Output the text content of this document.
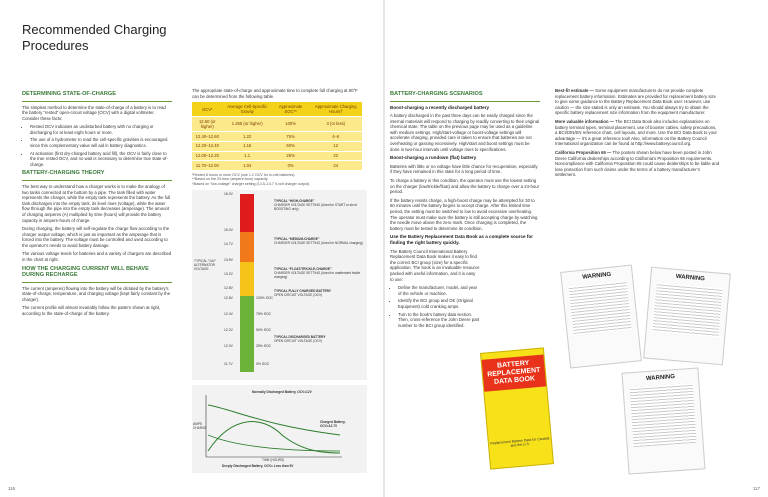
Recommended Charging Procedures
DETERMINING STATE-OF-CHARGE

The simplest method to determine the state-of-charge of a battery is to read the battery “rested” open-circuit voltage (OCV) with a digital voltmeter. Consider these facts:

• Rested OCV indicates an undisturbed battery with no charging or discharging for at least eight hours or more.
• The use of a hydrometer to read the cell-specific gravities is encouraged since this complementary value will aid in battery diagnostics.
• At activation (first dry-charged battery acid fill), the OCV is fairly close to the true rested OCV, and no wait is necessary to determine true state-of-charge.
BATTERY-CHARGING THEORY

The best way to understand how a charger works is to make the analogy of two tanks connected at the bottom by a pipe. The tank filled with water represents the charger, while the empty tank represents the battery. As the full tank discharges into the empty tank, its level rises (voltage), while the water flow through the pipe into the empty tank decreases (amperage). The amount of charging amperes (A) multiplied by time (hours) will provide the battery capacity in ampere-hours of charge.

During charging, the battery will self-regulate the charge flow according to the charger output voltage, which is just as important as the amperage that is forced into the battery. The voltage must be controlled and used according to the operator’s needs to avoid battery damage.

The various voltage levels for batteries and a variety of chargers are described in the chart at right.

HOW THE CHARGING CURRENT WILL BEHAVE DURING RECHARGE

The current (amperes) flowing into the battery will be dictated by the battery’s state-of-charge, temperature, and charging voltage (kept fairly constant by the charger).

The current profile will almost invariably follow the pattern shown at right, according to the state-of-charge of the battery.

The appropriate state-of-charge and approximate time to complete full charging at 80°F can be determined from the following table.

OCV*	Average Cell-Specific Gravity	Approximate SOC**	Approximate Charging Hours†
12.60 (or higher)	1.265 (or higher)	100%	3 (or less)
12.40–12.60	1.22	75%	4–6
12.20–12.40	1.16	50%	12
12.00–12.20	1.1	25%	22
11.70–12.00	1.04	0%	24
*Rested 8 hours or more OCV (use 1.2 OCV for lo-volt batteries).
**Based on the 20-hour (ampere-hour) capacity.
†Based on “low-voltage” charger setting (13.5–14.7 V-volt charger output).
16.0V
15.0V
14.7V
13.9V
13.2V
12.8V
12.6V
12.4V
12.2V
12.0V
11.7V
100% SOC
75% SOC
50% SOC
25% SOC
0% SOC
TYPICAL “14V” ALTERNATOR VOLTAGE
TYPICAL “HIGH-CHARGE”
CHARGER VOLTAGE SETTING (Used for START or short BOOSTING only)
TYPICAL “MEDIUM-CHARGE”
CHARGER VOLTAGE SETTING (Used for NORMAL charging)
TYPICAL “FLOAT/TRICKLE-CHARGE”
CHARGER VOLTAGE SETTING (Used for unattended trickle charging)
TYPICAL FULLY CHARGED BATTERY
OPEN CIRCUIT VOLTAGE (OCV)
TYPICAL DISCHARGED BATTERY
OPEN CIRCUIT VOLTAGE (OCV)
AMPS CHARGE
TIME (HOURS)
Normally Discharged Battery, OCV=12V
Charged Battery, OCV=12.7V
Deeply Discharged Battery, OCV= Less than 9V
116
BATTERY-CHARGING SCENARIOS

Boost-charging a recently discharged battery

A battery discharged in the past three days can be easily charged since the internal materials will respond to charging by readily converting to their original chemical state. The table on the previous page may be used as a guideline with medium settings. High/start-voltage or boost-voltage settings will accelerate charging, provided care is taken to ensure that batteries are not overheating or gassing excessively. High/start and boost settings must be done in two-hour intervals until voltage rises to specifications.

Boost-charging a rundown (flat) battery

Batteries with little or no voltage have little chance for recuperation, especially if they have remained in this state for a long period of time.

To charge a battery in this condition, the operator must use the lowest setting on the charger (low/trickle/float) and allow the battery to charge over a 24-hour period.

If the battery resists charge, a high-boost charge may be attempted for 30 to 60 minutes until the battery begins to accept charge. After this limited time period, the setting must be switched to low to avoid excessive overheating. The operator must make sure the battery is still accepting charge by watching the needle move above the zero mark. Once charging is completed, the battery must be tested to determine its condition.

Use the Battery Replacement Data Book as a complete source for finding the right battery quickly.

The Battery Council International Battery Replacement Data Book makes it easy to find the correct BCI group (size) for a specific application. The book is an invaluable resource packed with useful information, and it is easy to use:

• Define the manufacturer, model, and year of the vehicle or machine.
• Identify the BCI group and OE (Original Equipment) cold cranking amps.
• Turn to the book’s battery data section. Then, cross-reference the John Deere part number to the BCI group identified.
BATTERY REPLACEMENT DATA BOOK
Replacement Battery Data for Canada and the U.S.

Best-fit estimate — Some equipment manufacturers do not provide complete replacement battery information. Estimates are provided for replacement battery size to give some guidance to the Battery Replacement Data Book user. However, use caution — the size stated is only an estimate. You should always try to obtain the specific battery replacement size information from the equipment manufacturer.

More valuable information — The BCI Data Book also includes explanations on battery terminal types, terminal placement, use of booster cables, safety precautions, a BCI/DIN/EN reference chart, cell layouts, and more. Use the BCI Data Book to your advantage — it’s a great reference tool! Also, information on the Battery Council International organization can be found at http://www.batterycouncil.org.

California Proposition 65 — The posters shown below have been posted in John Deere California dealerships according to California’s Proposition 65 requirements. Noncompliance with California Proposition 65 could cause dealerships to be liable and lose protection from such claims under the terms of a battery manufacturer’s settlement.

WARNING	WARNING
WARNING
117
